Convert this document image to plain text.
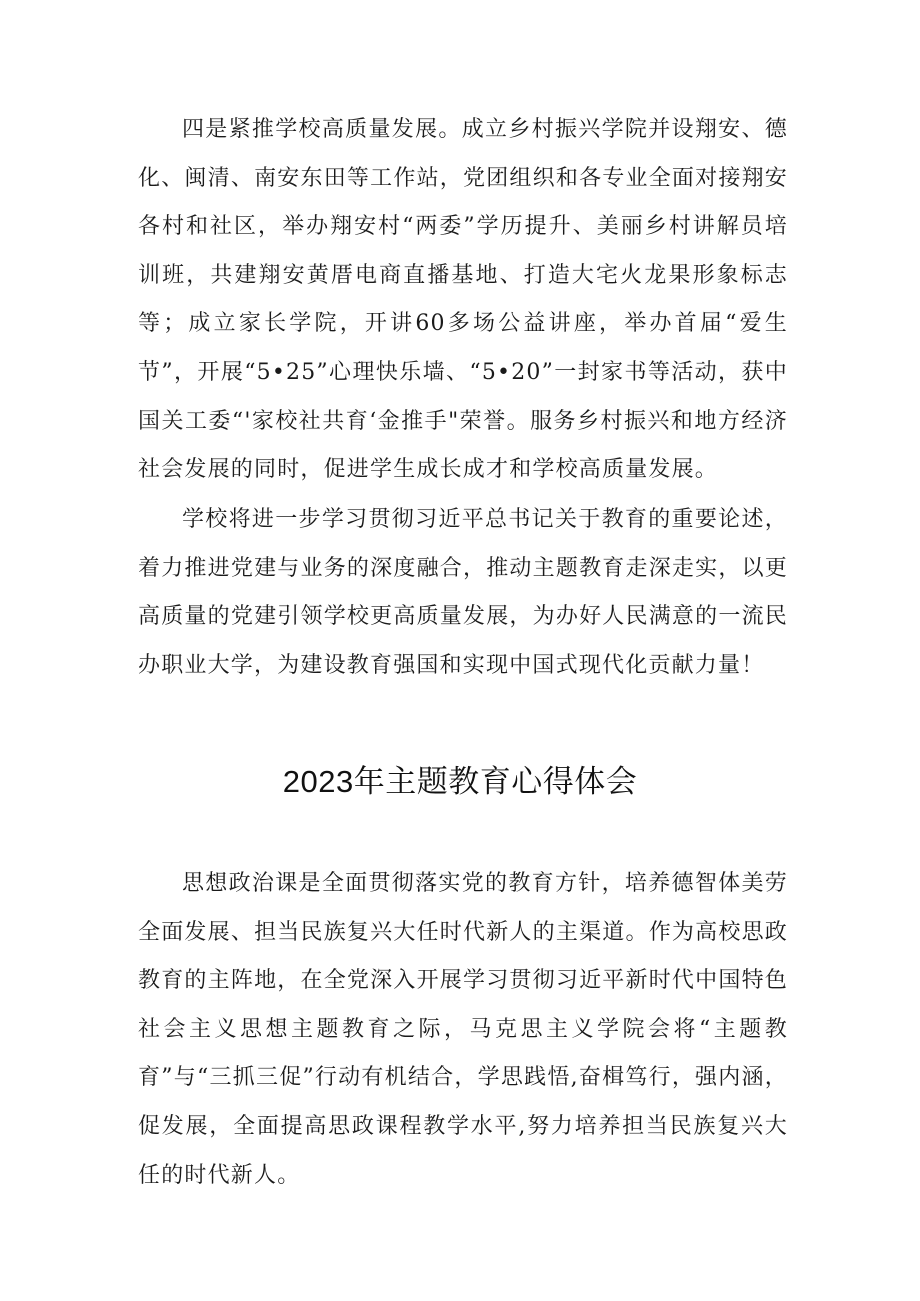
四是紧推学校高质量发展。成立乡村振兴学院并设翔安、德化、闽清、南安东田等工作站，党团组织和各专业全面对接翔安各村和社区，举办翔安村“两委”学历提升、美丽乡村讲解员培训班，共建翔安黄厝电商直播基地、打造大宅火龙果形象标志等；成立家长学院，开讲60多场公益讲座，举办首届“爱生节”，开展“5•25”心理快乐墙、“5•20”一封家书等活动，获中国关工委“'家校社共育‘金推手"荣誉。服务乡村振兴和地方经济社会发展的同时，促进学生成长成才和学校高质量发展。

学校将进一步学习贯彻习近平总书记关于教育的重要论述，着力推进党建与业务的深度融合，推动主题教育走深走实，以更高质量的党建引领学校更高质量发展，为办好人民满意的一流民办职业大学，为建设教育强国和实现中国式现代化贡献力量！

2023年主题教育心得体会

思想政治课是全面贯彻落实党的教育方针，培养德智体美劳全面发展、担当民族复兴大任时代新人的主渠道。作为高校思政教育的主阵地，在全党深入开展学习贯彻习近平新时代中国特色社会主义思想主题教育之际，马克思主义学院会将“主题教育”与“三抓三促”行动有机结合，学思践悟,奋楫笃行，强内涵，促发展，全面提高思政课程教学水平,努力培养担当民族复兴大任的时代新人。
